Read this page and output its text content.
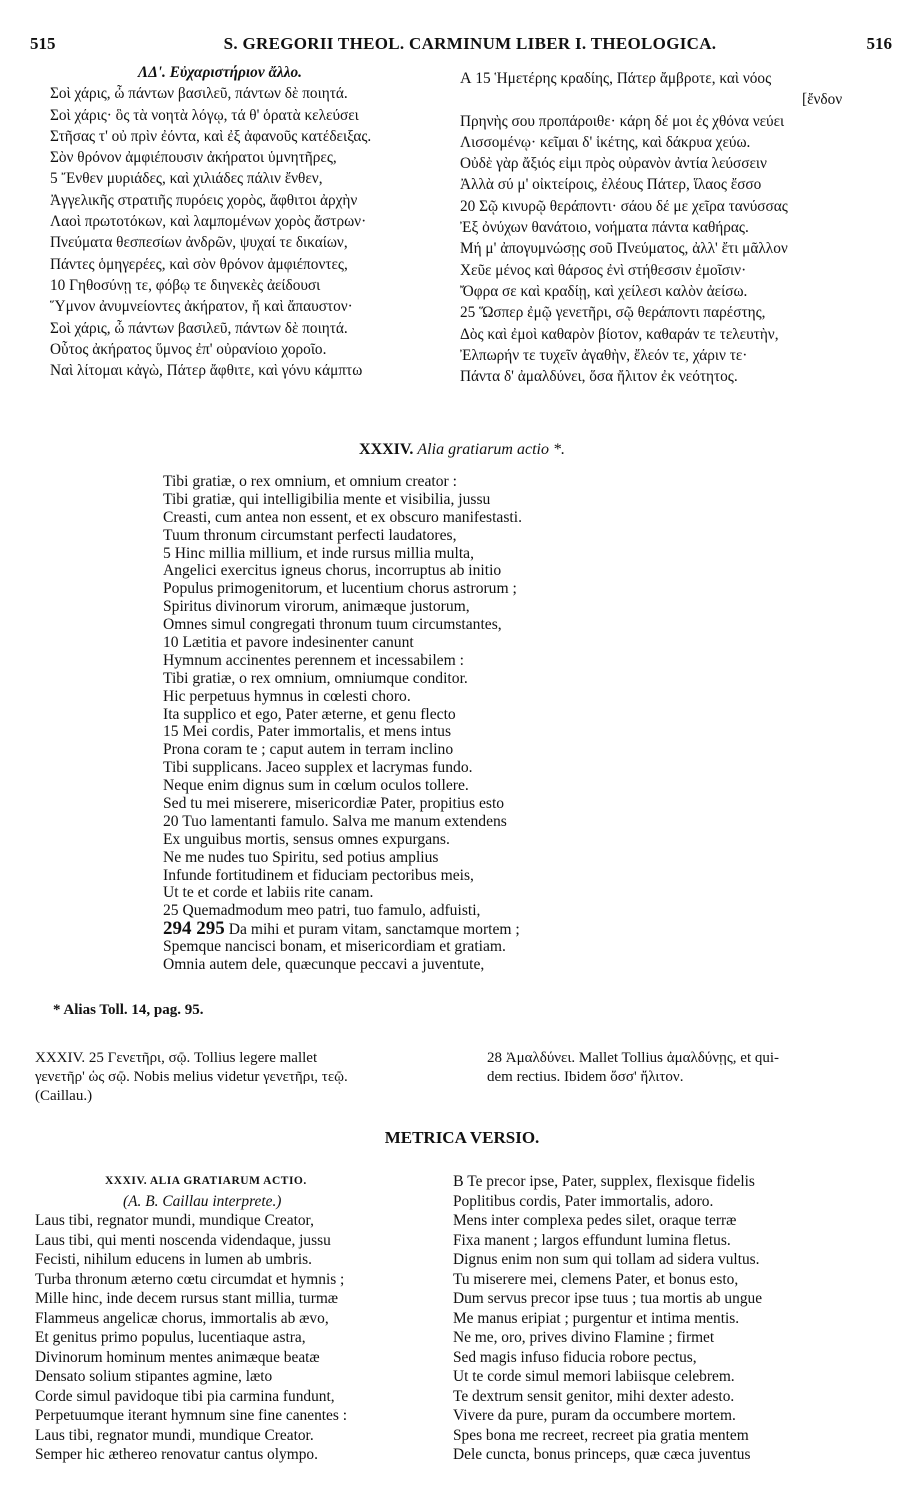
515	S. GREGORII THEOL. CARMINUM LIBER I. THEOLOGICA.	516
ΛΔ'. Εὐχαριστήριον ἄλλο.
Σοὶ χάρις, ὦ πάντων βασιλεῦ, πάντων δὲ ποιητά.
Σοὶ χάρις· ὃς τὰ νοητὰ λόγῳ, τά θ' ὁρατὰ κελεύσει
Στῆσας τ' οὐ πρὶν ἐόντα, καὶ ἐξ ἀφανοῦς κατέδειξας.
Σὸν θρόνον ἀμφιέπουσιν ἀκήρατοι ὑμνητῆρες,
5 Ἔνθεν μυριάδες, καὶ χιλιάδες πάλιν ἔνθεν,
Ἀγγελικῆς στρατιῆς πυρόεις χορὸς, ἄφθιτοι ἀρχὴν
Λαοὶ πρωτοτόκων, καὶ λαμπομένων χορὸς ἄστρων·
Πνεύματα θεσπεσίων ἀνδρῶν, ψυχαί τε δικαίων,
Πάντες ὁμηγερέες, καὶ σὸν θρόνον ἀμφιέποντες,
10 Γηθοσύνῃ τε, φόβῳ τε διηνεκὲς ἀείδουσι
Ὕμνον ἀνυμνείοντες ἀκήρατον, ἤ καὶ ἄπαυστον·
Σοὶ χάρις, ὦ πάντων βασιλεῦ, πάντων δὲ ποιητά.
Οὗτος ἀκήρατος ὕμνος ἐπ' οὐρανίοιο χοροῖο.
Ναὶ λίτομαι κἀγὼ, Πάτερ ἄφθιτε, καὶ γόνυ κάμπτω
A 15 Ἡμετέρης κραδίης, Πάτερ ἄμβροτε, καὶ νόος
[ἔνδον
Πρηνὴς σου προπάροιθε· κάρη δέ μοι ἐς χθόνα νεύει
Λισσομένῳ· κεῖμαι δ' ἱκέτης, καὶ δάκρυα χεύω.
Οὐδὲ γὰρ ἄξιός εἰμι πρὸς οὐρανὸν ἀντία λεύσσειν
Ἀλλὰ σύ μ' οἰκτείροις, ἐλέους Πάτερ, ἵλαος ἔσσο
20 Σῷ κινυρῷ θεράποντι· σάου δέ με χεῖρα τανύσσας
Ἐξ ὀνύχων θανάτοιο, νοήματα πάντα καθήρας.
Μή μ' ἀπογυμνώσῃς σοῦ Πνεύματος, ἀλλ' ἔτι μᾶλλον
Χεῦε μένος καὶ θάρσος ἐνὶ στήθεσσιν ἐμοῖσιν·
Ὄφρα σε καὶ κραδίῃ, καὶ χείλεσι καλὸν ἀείσω.
25 Ὥσπερ ἐμῷ γενετῆρι, σῷ θεράποντι παρέστης,
Δὸς καὶ ἐμοὶ καθαρὸν βίοτον, καθαράν τε τελευτὴν,
Ἐλπωρήν τε τυχεῖν ἀγαθὴν, ἔλεόν τε, χάριν τε·
Πάντα δ' ἀμαλδύνει, ὅσα ἤλιτον ἐκ νεότητος.
XXXIV. Alia gratiarum actio *.
Tibi gratiæ, o rex omnium, et omnium creator :
Tibi gratiæ, qui intelligibilia mente et visibilia, jussu
Creasti, cum antea non essent, et ex obscuro manifestasti.
Tuum thronum circumstant perfecti laudatores,
5 Hinc millia millium, et inde rursus millia multa,
Angelici exercitus igneus chorus, incorruptus ab initio
Populus primogenitorum, et lucentium chorus astrorum ;
Spiritus divinorum virorum, animæque justorum,
Omnes simul congregati thronum tuum circumstantes,
10 Lætitia et pavore indesinenter canunt
Hymnum accinentes perennem et incessabilem :
Tibi gratiæ, o rex omnium, omniumque conditor.
Hic perpetuus hymnus in cœlesti choro.
Ita supplico et ego, Pater æterne, et genu flecto
15 Mei cordis, Pater immortalis, et mens intus
Prona coram te ; caput autem in terram inclino
Tibi supplicans. Jaceo supplex et lacrymas fundo.
Neque enim dignus sum in cœlum oculos tollere.
Sed tu mei miserere, misericordiæ Pater, propitius esto
20 Tuo lamentanti famulo. Salva me manum extendens
Ex unguibus mortis, sensus omnes expurgans.
Ne me nudes tuo Spiritu, sed potius amplius
Infunde fortitudinem et fiduciam pectoribus meis,
Ut te et corde et labiis rite canam.
25 Quemadmodum meo patri, tuo famulo, adfuisti,
294 295 Da mihi et puram vitam, sanctamque mortem ;
Spemque nancisci bonam, et misericordiam et gratiam.
Omnia autem dele, quæcunque peccavi a juventute,
* Alias Toll. 14, pag. 95.
XXXIV. 25 Γενετῆρι, σῷ. Tollius legere mallet
γενετῆρ' ὡς σῷ. Nobis melius videtur γενετῆρι, τεῷ.
(Caillau.)
28 Ἀμαλδύνει. Mallet Tollius ἀμαλδύνῃς, et qui-
dem rectius. Ibidem ὅσσ' ἤλιτον.
METRICA VERSIO.
XXXIV. ALIA GRATIARUM ACTIO.
(A. B. Caillau interprete.)
Laus tibi, regnator mundi, mundique Creator,
Laus tibi, qui menti noscenda videndaque, jussu
Fecisti, nihilum educens in lumen ab umbris.
Turba thronum æterno cœtu circumdat et hymnis ;
Mille hinc, inde decem rursus stant millia, turmæ
Flammeus angelicæ chorus, immortalis ab ævo,
Et genitus primo populus, lucentiaque astra,
Divinorum hominum mentes animæque beatæ
Densato solium stipantes agmine, læto
Corde simul pavidoque tibi pia carmina fundunt,
Perpetuumque iterant hymnum sine fine canentes :
Laus tibi, regnator mundi, mundique Creator.
Semper hic æthereo renovatur cantus olympo.
B Te precor ipse, Pater, supplex, flexisque fidelis
Poplitibus cordis, Pater immortalis, adoro.
Mens inter complexa pedes silet, oraque terræ
Fixa manent ; largos effundunt lumina fletus.
Dignus enim non sum qui tollam ad sidera vultus.
Tu miserere mei, clemens Pater, et bonus esto,
Dum servus precor ipse tuus ; tua mortis ab ungue
Me manus eripiat ; purgentur et intima mentis.
Ne me, oro, prives divino Flamine ; firmet
Sed magis infuso fiducia robore pectus,
Ut te corde simul memori labiisque celebrem.
Te dextrum sensit genitor, mihi dexter adesto.
Vivere da pure, puram da occumbere mortem.
Spes bona me recreet, recreet pia gratia mentem
Dele cuncta, bonus princeps, quæ cæca juventus
